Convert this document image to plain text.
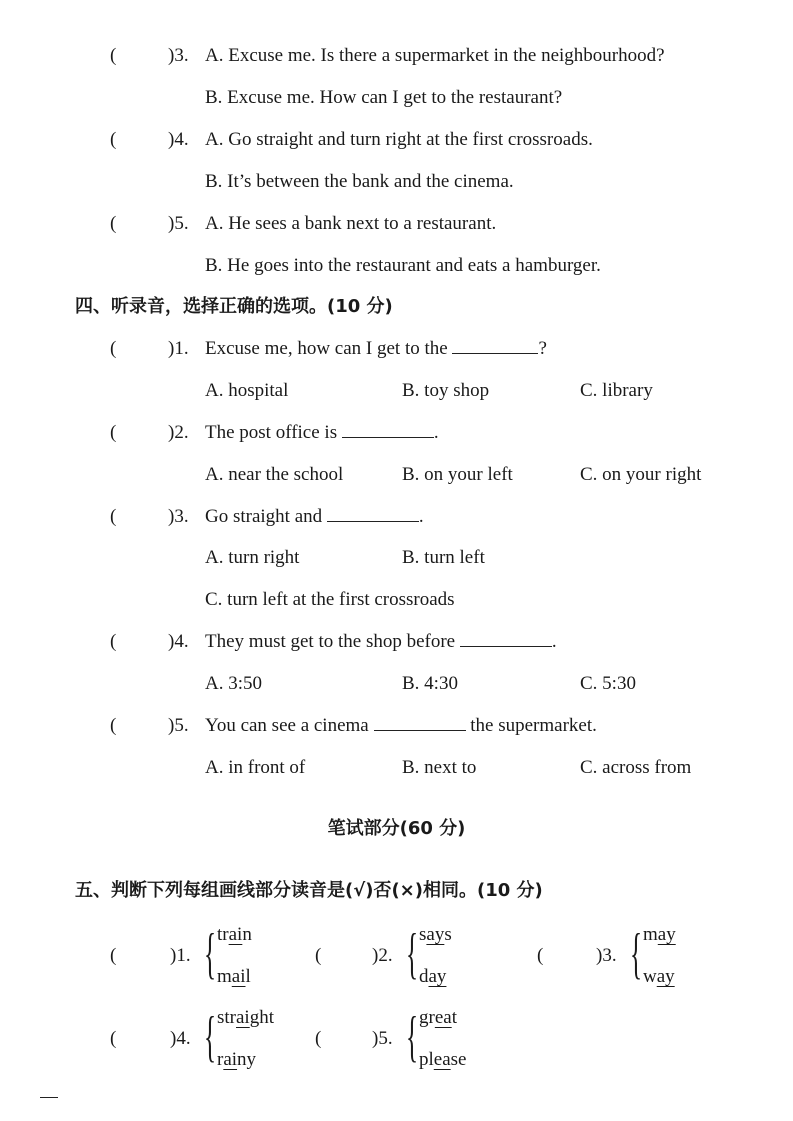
(	)3. A. Excuse me. Is there a supermarket in the neighbourhood?
B. Excuse me. How can I get to the restaurant?
(	)4. A. Go straight and turn right at the first crossroads.
B. It’s between the bank and the cinema.
(	)5. A. He sees a bank next to a restaurant.
B. He goes into the restaurant and eats a hamburger.
四、听录音，选择正确的选项。(10 分)
(	)1. Excuse me, how can I get to the	?
A. hospital	B. toy shop	C. library
(	)2. The post office is	.
A. near the school	B. on your left	C. on your right
(	)3. Go straight and	.
A. turn right	B. turn left
C. turn left at the first crossroads
(	)4. They must get to the shop before	.
A. 3:50	B. 4:30	C. 5:30
(	)5. You can see a cinema	the supermarket.
A. in front of	B. next to	C. across from
笔试部分(60 分)
五、判断下列每组画线部分读音是(√)否(×)相同。(10 分)
(	)1. { train
mail
(	)2. { says
day
(	)3. { may
way
(	)4. { straight
rainy
(	)5. { great
please
